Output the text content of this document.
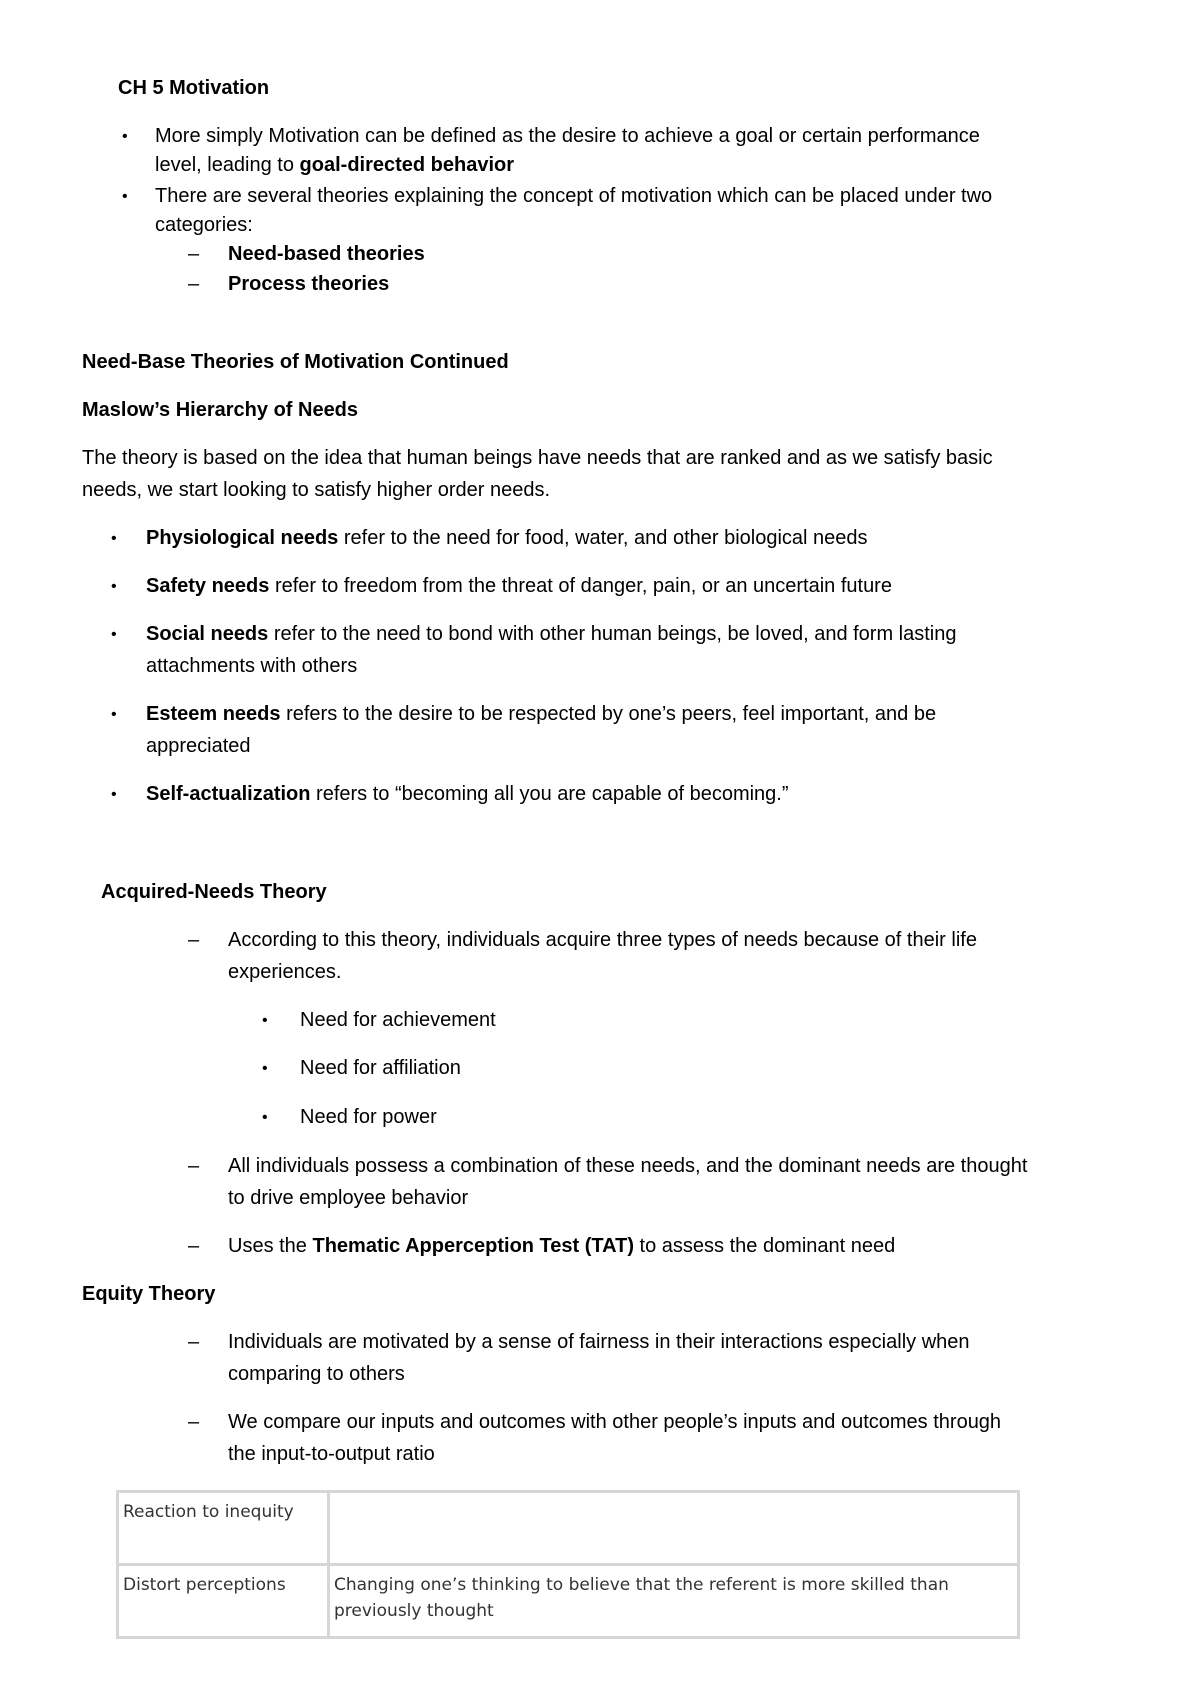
CH 5 Motivation
• More simply Motivation can be defined as the desire to achieve a goal or certain performance
level, leading to goal-directed behavior
• There are several theories explaining the concept of motivation which can be placed under two
categories:
– Need-based theories
– Process theories
Need-Base Theories of Motivation Continued
Maslow’s Hierarchy of Needs
The theory is based on the idea that human beings have needs that are ranked and as we satisfy basic
needs, we start looking to satisfy higher order needs.
• Physiological needs refer to the need for food, water, and other biological needs
• Safety needs refer to freedom from the threat of danger, pain, or an uncertain future
• Social needs refer to the need to bond with other human beings, be loved, and form lasting
attachments with others
• Esteem needs refers to the desire to be respected by one’s peers, feel important, and be
appreciated
• Self-actualization refers to “becoming all you are capable of becoming.”
Acquired-Needs Theory
– According to this theory, individuals acquire three types of needs because of their life
experiences.
• Need for achievement
• Need for affiliation
• Need for power
– All individuals possess a combination of these needs, and the dominant needs are thought
to drive employee behavior
– Uses the Thematic Apperception Test (TAT) to assess the dominant need
Equity Theory
– Individuals are motivated by a sense of fairness in their interactions especially when
comparing to others
– We compare our inputs and outcomes with other people’s inputs and outcomes through
the input-to-output ratio
Reaction to inequity	
Distort perceptions	Changing one’s thinking to believe that the referent is more skilled than previously thought
